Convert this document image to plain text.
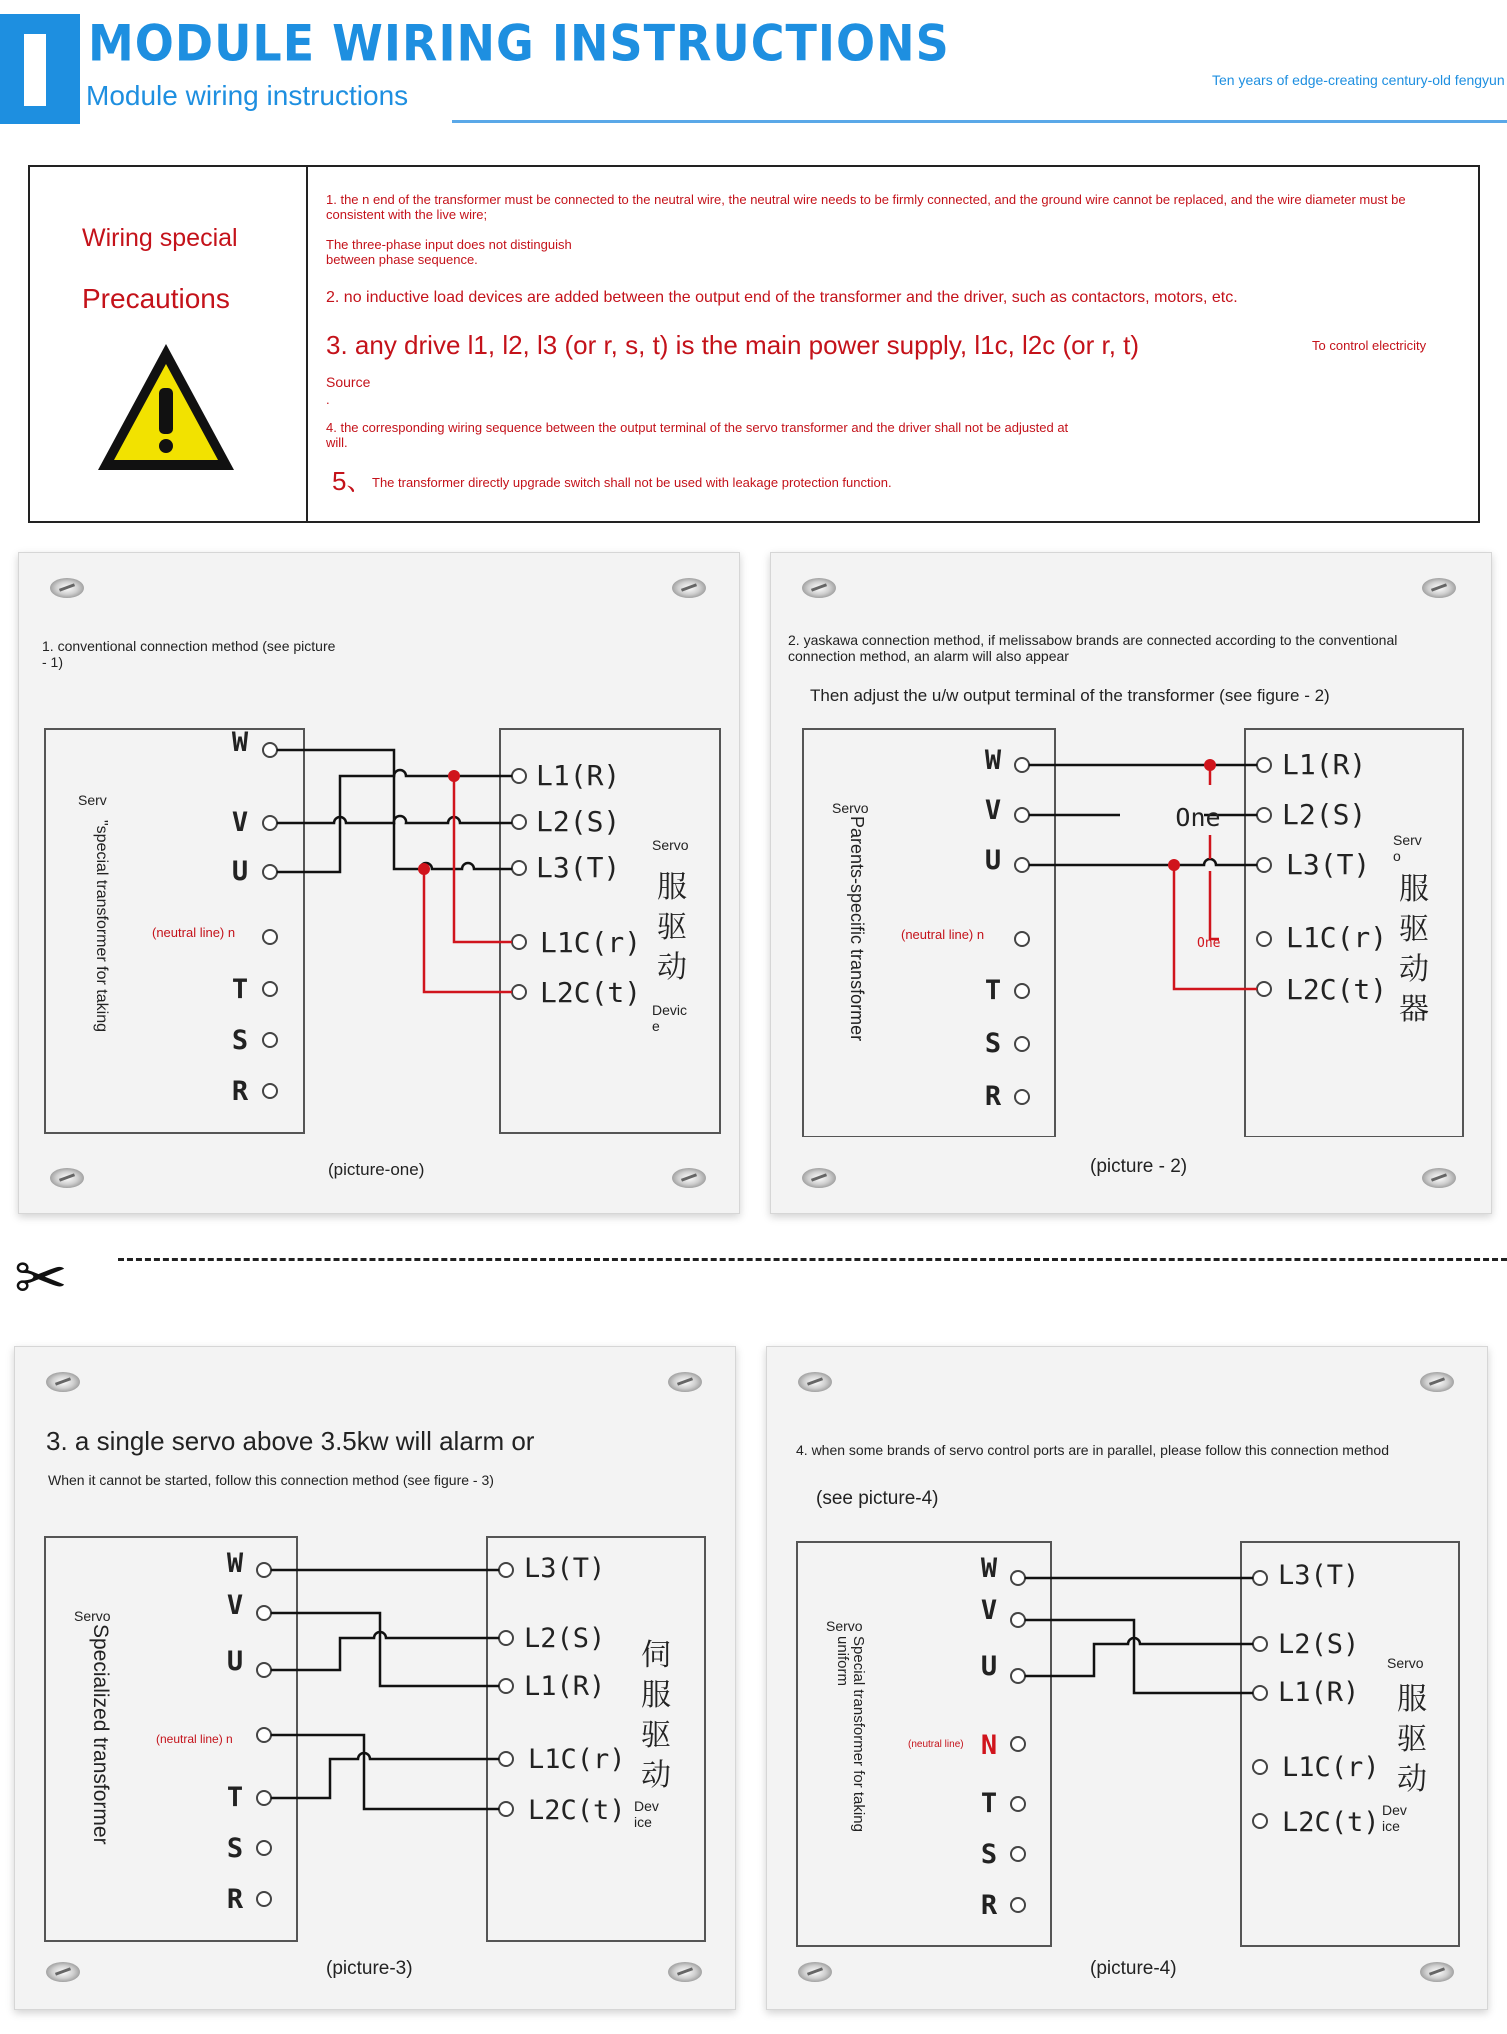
MODULE WIRING INSTRUCTIONS
Module wiring instructions	Ten years of edge-creating century-old fengyun
Wiring special
Precautions
1. the n end of the transformer must be connected to the neutral wire, the neutral wire needs to be firmly connected, and the ground wire cannot be replaced, and the wire diameter must be consistent with the live wire;
The three-phase input does not distinguish between phase sequence.
2. no inductive load devices are added between the output end of the transformer and the driver, such as contactors, motors, etc.
3. any drive l1, l2, l3 (or r, s, t) is the main power supply, l1c, l2c (or r, t)	To control electricity
Source
.
4. the corresponding wiring sequence between the output terminal of the servo transformer and the driver shall not be adjusted at will.
5、 The transformer directly upgrade switch shall not be used with leakage protection function.
1. conventional connection method (see picture - 1)
W
V
U
T
S
R
L1(R)
L2(S)
L3(T)
L1C(r)
L2C(t)
Serv
"special transformer for taking	(neutral line) n
Servo
服
驱
动
Devic e
(picture-one)
2. yaskawa connection method, if melissabow brands are connected according to the conventional connection method, an alarm will also appear
Then adjust the u/w output terminal of the transformer (see figure - 2)
W
V
U
T
S
R
L1(R)
L2(S)
L3(T)
L1C(r)
L2C(t)
One
One
Servo
Parents-specific transformer	(neutral line) n
Serv o
服
驱
动
器
(picture - 2)
✂
3. a single servo above 3.5kw will alarm or
When it cannot be started, follow this connection method (see figure - 3)
W
V
U
T
S
R
L3(T)
L2(S)
L1(R)
L1C(r)
L2C(t)
Servo
Specialized transformer	(neutral line) n
伺
服
驱
动
Dev ice
(picture-3)
4. when some brands of servo control ports are in parallel, please follow this connection method
(see picture-4)
W
V
U
T
S
R
N
L3(T)
L2(S)
L1(R)
L1C(r)
L2C(t)
Servo
Special transformer for taking uniform
(neutral line)
Servo
服
驱
动
Dev ice
(picture-4)
